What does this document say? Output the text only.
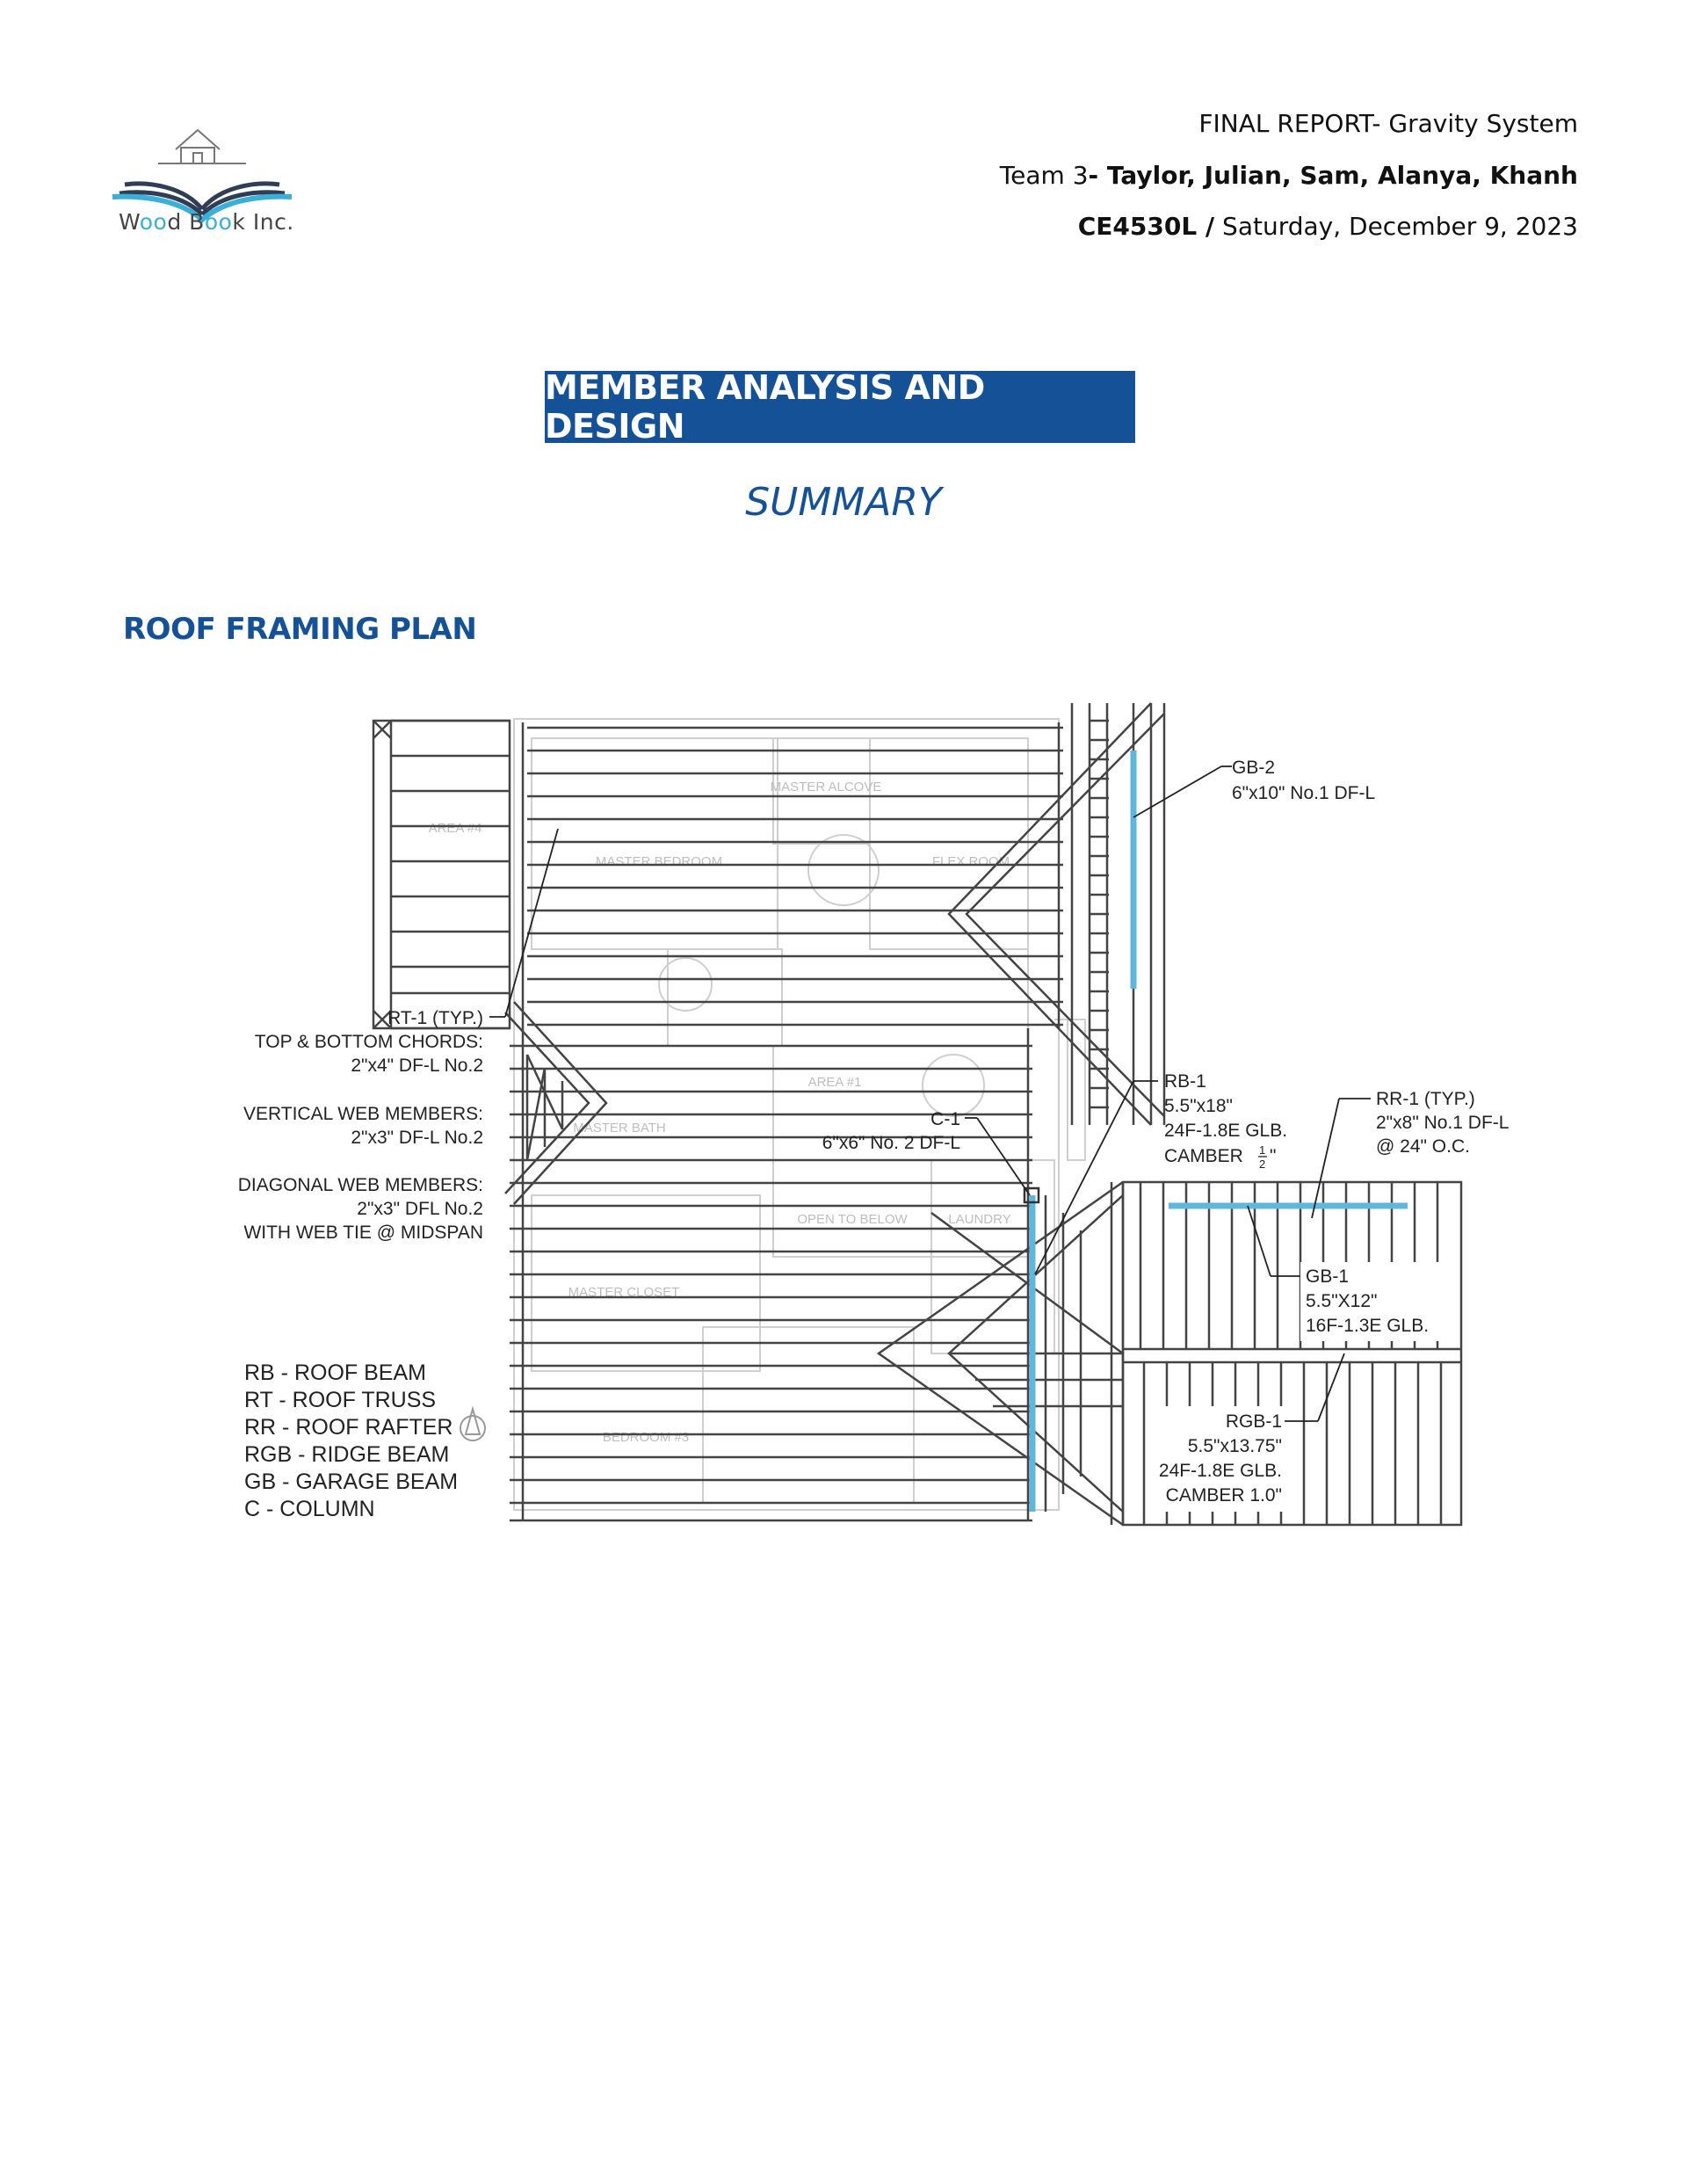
Wood Book Inc.
FINAL REPORT- Gravity System
Team 3- Taylor, Julian, Sam, Alanya, Khanh
CE4530L / Saturday, December 9, 2023
MEMBER ANALYSIS AND DESIGN
SUMMARY
ROOF FRAMING PLAN
MASTER ALCOVE
MASTER BEDROOM	FLEX ROOM
AREA #4
AREA #1
OPEN TO BELOW
MASTER CLOSET
BEDROOM #3
MASTER BATH
LAUNDRY
GB-2
6"x10" No.1 DF-L
RT-1 (TYP.)
TOP & BOTTOM CHORDS:
2"x4" DF-L No.2
VERTICAL WEB MEMBERS:
2"x3" DF-L No.2
DIAGONAL WEB MEMBERS:
2"x3" DFL No.2
WITH WEB TIE @ MIDSPAN
C-1
6"x6" No. 2 DF-L
RB-1
5.5"x18"
24F-1.8E GLB.
CAMBER 1
2 "
RR-1 (TYP.)
2"x8" No.1 DF-L
@ 24" O.C.
GB-1
5.5"X12"
16F-1.3E GLB.
RGB-1
5.5"x13.75"
24F-1.8E GLB.
CAMBER 1.0"
RB - ROOF BEAM
RT - ROOF TRUSS
RR - ROOF RAFTER
RGB - RIDGE BEAM
GB - GARAGE BEAM
C - COLUMN
